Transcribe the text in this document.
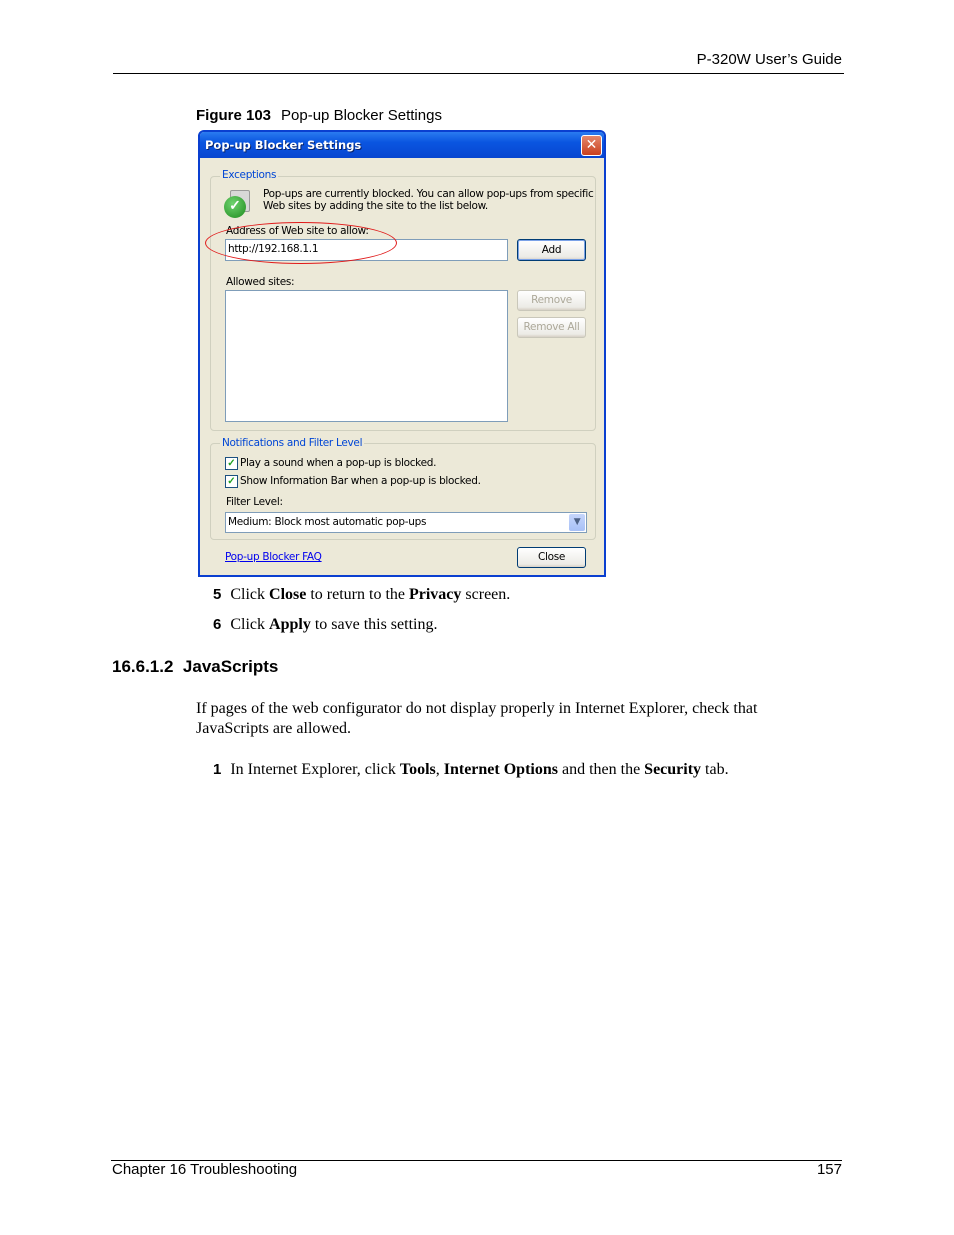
P-320W User’s Guide
Figure 103 Pop-up Blocker Settings
Pop-up Blocker Settings	✕
Exceptions
✓
Pop-ups are currently blocked. You can allow pop-ups from specific
Web sites by adding the site to the list below.
Address of Web site to allow:
http://192.168.1.1	Add
Allowed sites:
Remove
Remove All
Notifications and Filter Level
✓ Play a sound when a pop-up is blocked.
✓ Show Information Bar when a pop-up is blocked.
Filter Level:
Medium: Block most automatic pop-ups	▼
Pop-up Blocker FAQ	Close
5 Click Close to return to the Privacy screen.
6 Click Apply to save this setting.
16.6.1.2 JavaScripts
If pages of the web configurator do not display properly in Internet Explorer, check that JavaScripts are allowed.
1 In Internet Explorer, click Tools, Internet Options and then the Security tab.
Chapter 16 Troubleshooting	157
